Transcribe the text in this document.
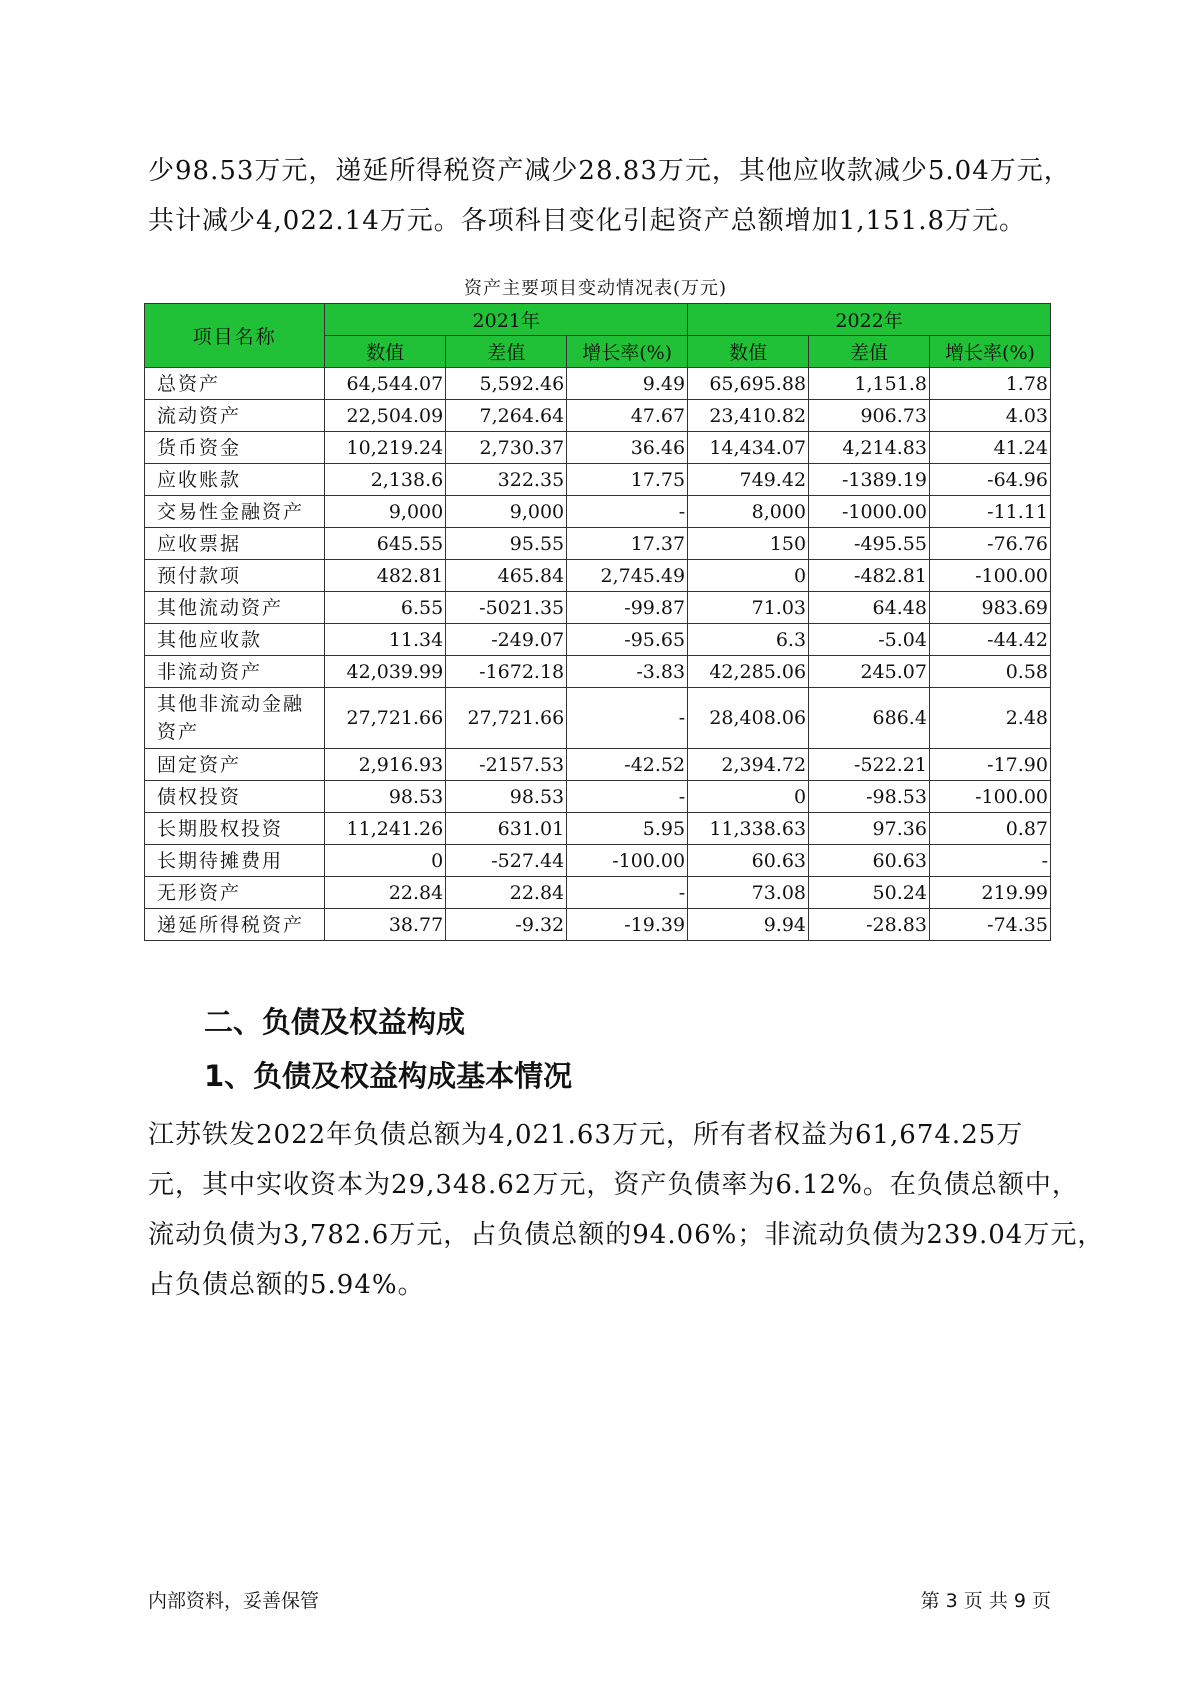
少98.53万元，递延所得税资产减少28.83万元，其他应收款减少5.04万元，
共计减少4,022.14万元。各项科目变化引起资产总额增加1,151.8万元。

资产主要项目变动情况表(万元)
项目名称	2021年			2022年		
	数值	差值	增长率(%)	数值	差值	增长率(%)
总资产	64,544.07	5,592.46	9.49	65,695.88	1,151.8	1.78
流动资产	22,504.09	7,264.64	47.67	23,410.82	906.73	4.03
货币资金	10,219.24	2,730.37	36.46	14,434.07	4,214.83	41.24
应收账款	2,138.6	322.35	17.75	749.42	-1389.19	-64.96
交易性金融资产	9,000	9,000	-	8,000	-1000.00	-11.11
应收票据	645.55	95.55	17.37	150	-495.55	-76.76
预付款项	482.81	465.84	2,745.49	0	-482.81	-100.00
其他流动资产	6.55	-5021.35	-99.87	71.03	64.48	983.69
其他应收款	11.34	-249.07	-95.65	6.3	-5.04	-44.42
非流动资产	42,039.99	-1672.18	-3.83	42,285.06	245.07	0.58
其他非流动金融资产	27,721.66	27,721.66	-	28,408.06	686.4	2.48
固定资产	2,916.93	-2157.53	-42.52	2,394.72	-522.21	-17.90
债权投资	98.53	98.53	-	0	-98.53	-100.00
长期股权投资	11,241.26	631.01	5.95	11,338.63	97.36	0.87
长期待摊费用	0	-527.44	-100.00	60.63	60.63	-
无形资产	22.84	22.84	-	73.08	50.24	219.99
递延所得税资产	38.77	-9.32	-19.39	9.94	-28.83	-74.35
二、负债及权益构成
1、负债及权益构成基本情况

江苏铁发2022年负债总额为4,021.63万元，所有者权益为61,674.25万
元，其中实收资本为29,348.62万元，资产负债率为6.12%。在负债总额中，
流动负债为3,782.6万元，占负债总额的94.06%；非流动负债为239.04万元，
占负债总额的5.94%。

内部资料，妥善保管	第 3 页 共 9 页
